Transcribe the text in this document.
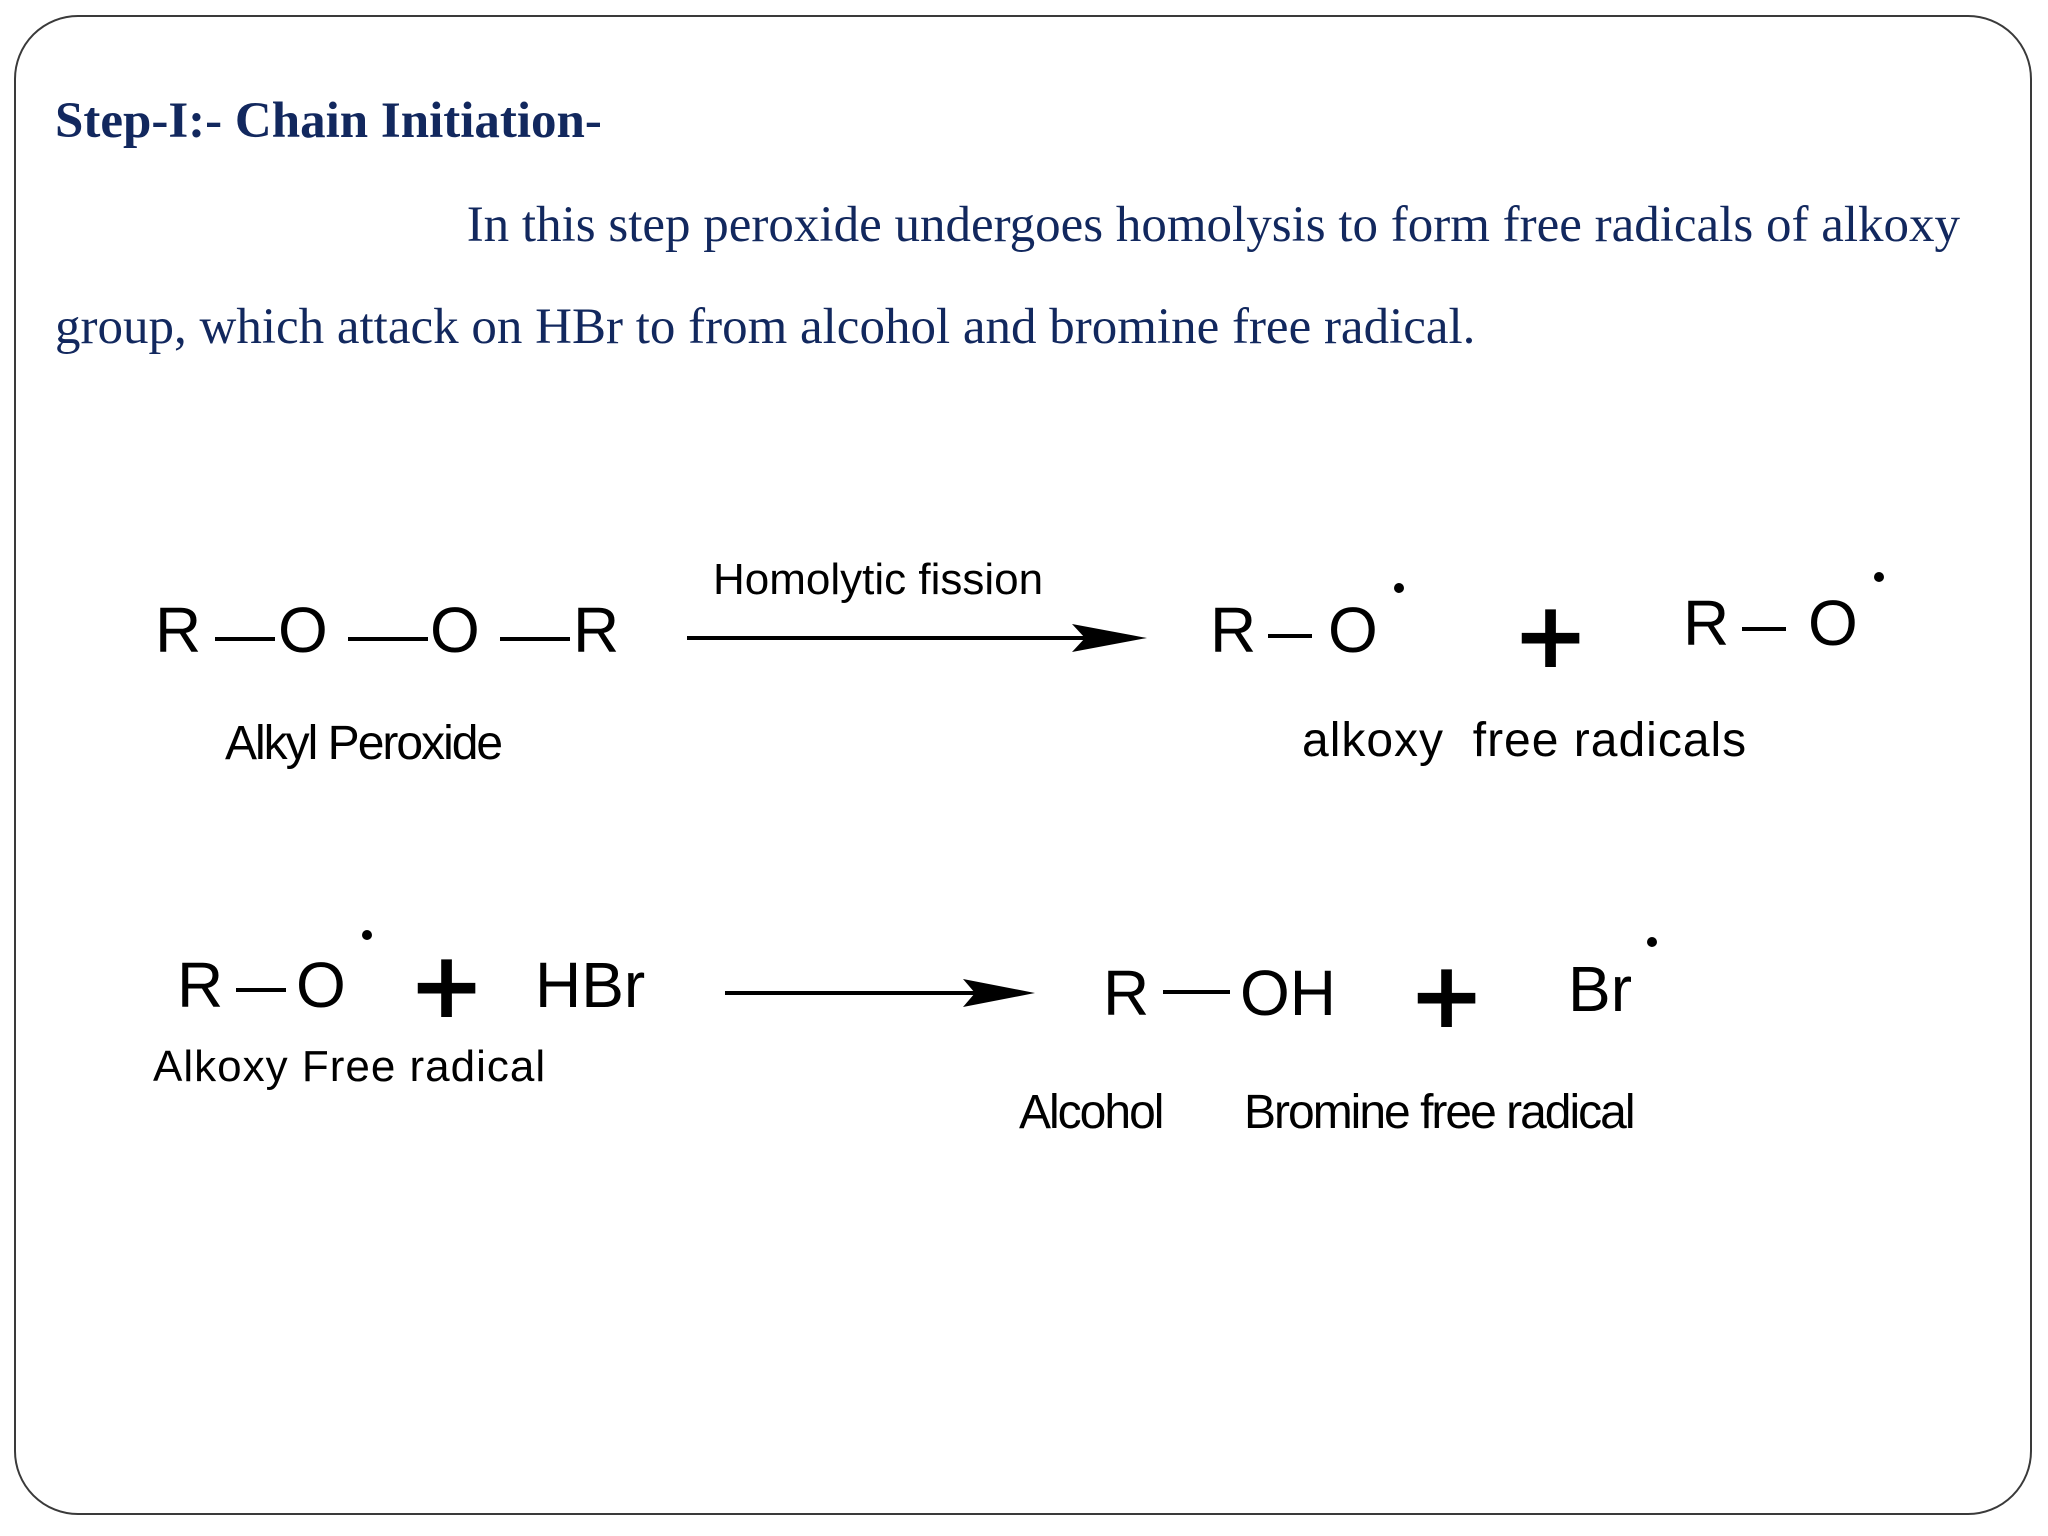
Step-I:- Chain Initiation-
In this step peroxide undergoes homolysis to form free radicals of alkoxy
group, which attack on HBr to from alcohol and bromine free radical.
R O O R
Alkyl Peroxide
Homolytic fission
R O + R O
alkoxy  free radicals
R O + HBr
Alkoxy Free radical
R OH + Br
Alcohol Bromine free radical
